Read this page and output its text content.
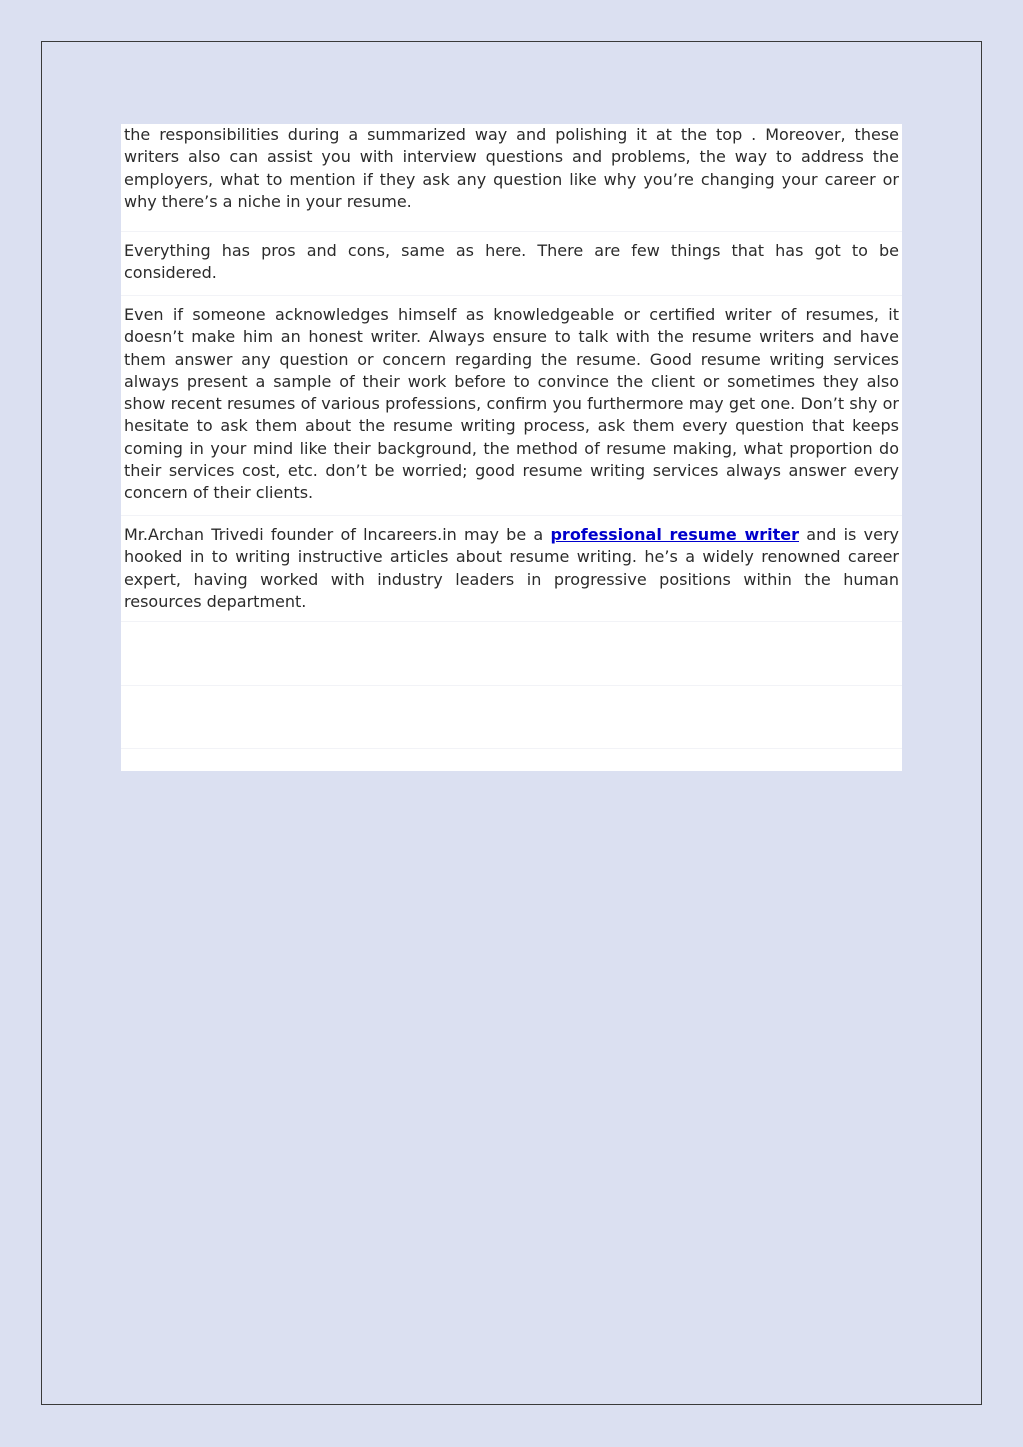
the responsibilities during a summarized way and polishing it at the top . Moreover, these writers also can assist you with interview questions and problems, the way to address the employers, what to mention if they ask any question like why you’re changing your career or why there’s a niche in your resume.

Everything has pros and cons, same as here. There are few things that has got to be considered.

Even if someone acknowledges himself as knowledgeable or certified writer of resumes, it doesn’t make him an honest writer. Always ensure to talk with the resume writers and have them answer any question or concern regarding the resume. Good resume writing services always present a sample of their work before to convince the client or sometimes they also show recent resumes of various professions, confirm you furthermore may get one. Don’t shy or hesitate to ask them about the resume writing process, ask them every question that keeps coming in your mind like their background, the method of resume making, what proportion do their services cost, etc. don’t be worried; good resume writing services always answer every concern of their clients.

Mr.Archan Trivedi founder of lncareers.in may be a professional resume writer and is very hooked in to writing instructive articles about resume writing. he’s a widely renowned career expert, having worked with industry leaders in progressive positions within the human resources department.
